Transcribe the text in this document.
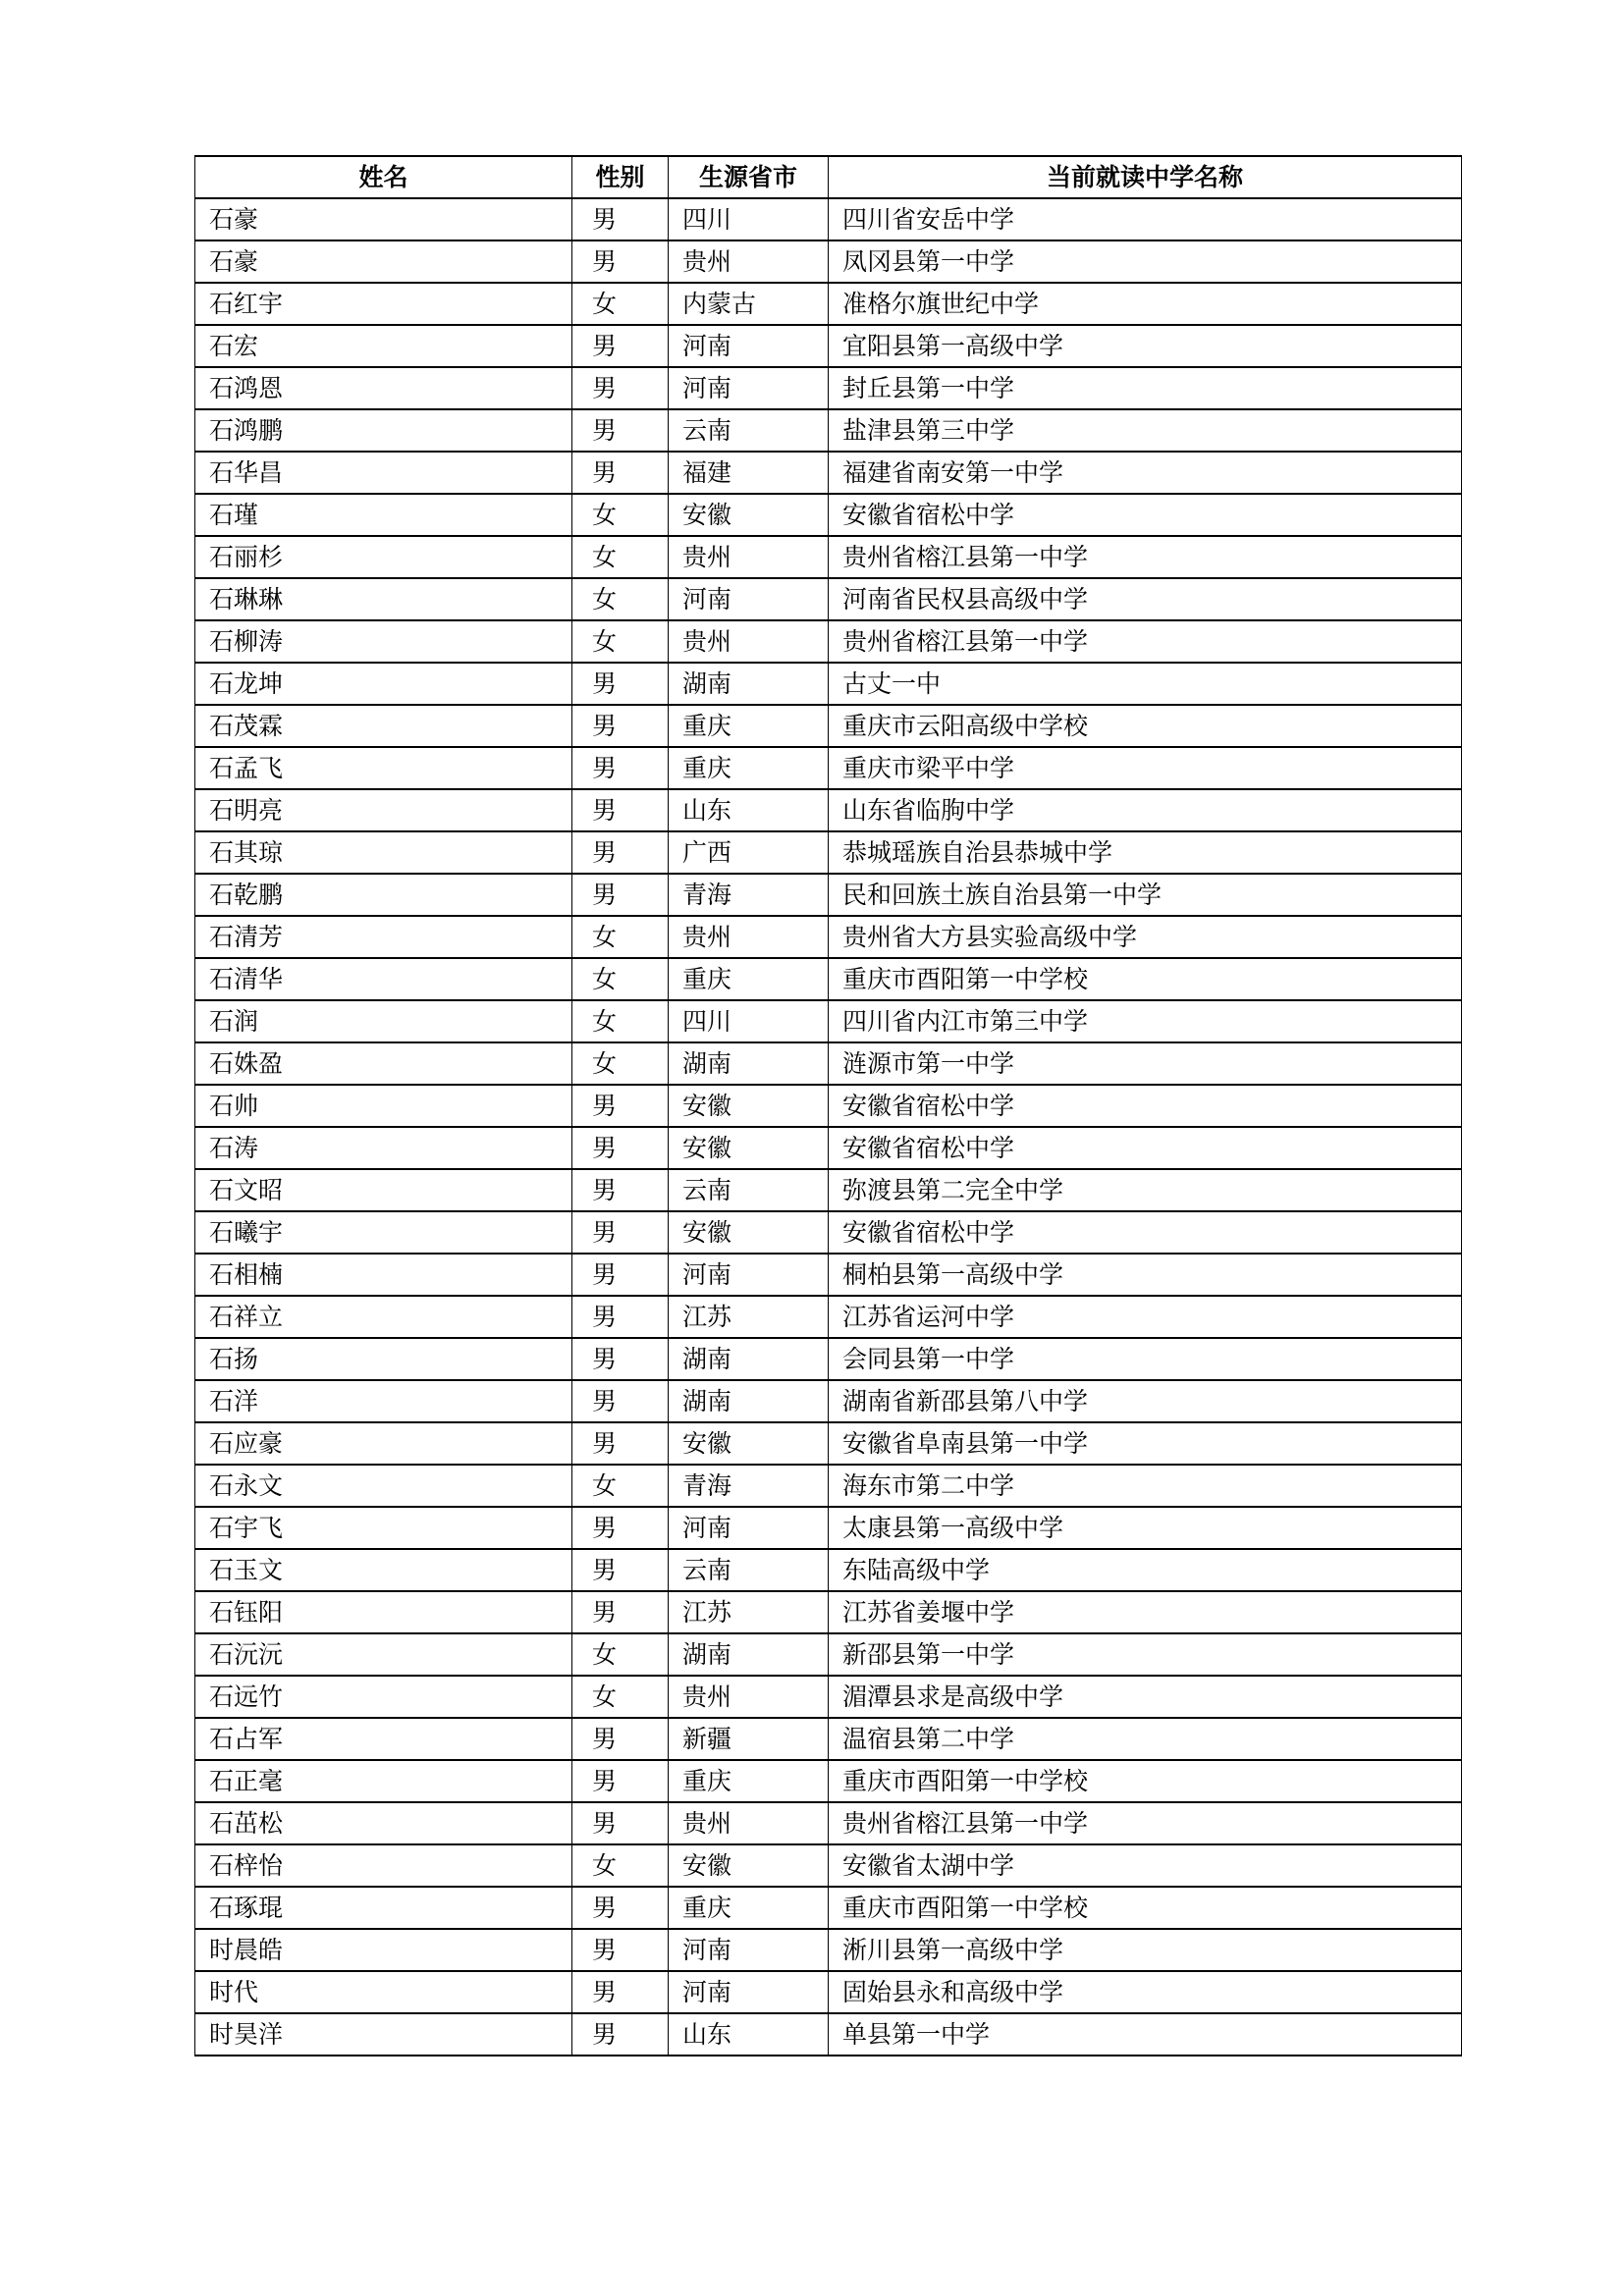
姓名	性别	生源省市	当前就读中学名称
石豪	男	四川	四川省安岳中学
石豪	男	贵州	凤冈县第一中学
石红宇	女	内蒙古	准格尔旗世纪中学
石宏	男	河南	宜阳县第一高级中学
石鸿恩	男	河南	封丘县第一中学
石鸿鹏	男	云南	盐津县第三中学
石华昌	男	福建	福建省南安第一中学
石瑾	女	安徽	安徽省宿松中学
石丽杉	女	贵州	贵州省榕江县第一中学
石琳琳	女	河南	河南省民权县高级中学
石柳涛	女	贵州	贵州省榕江县第一中学
石龙坤	男	湖南	古丈一中
石茂霖	男	重庆	重庆市云阳高级中学校
石孟飞	男	重庆	重庆市梁平中学
石明亮	男	山东	山东省临朐中学
石其琼	男	广西	恭城瑶族自治县恭城中学
石乾鹏	男	青海	民和回族土族自治县第一中学
石清芳	女	贵州	贵州省大方县实验高级中学
石清华	女	重庆	重庆市酉阳第一中学校
石润	女	四川	四川省内江市第三中学
石姝盈	女	湖南	涟源市第一中学
石帅	男	安徽	安徽省宿松中学
石涛	男	安徽	安徽省宿松中学
石文昭	男	云南	弥渡县第二完全中学
石曦宇	男	安徽	安徽省宿松中学
石相楠	男	河南	桐柏县第一高级中学
石祥立	男	江苏	江苏省运河中学
石扬	男	湖南	会同县第一中学
石洋	男	湖南	湖南省新邵县第八中学
石应豪	男	安徽	安徽省阜南县第一中学
石永文	女	青海	海东市第二中学
石宇飞	男	河南	太康县第一高级中学
石玉文	男	云南	东陆高级中学
石钰阳	男	江苏	江苏省姜堰中学
石沅沅	女	湖南	新邵县第一中学
石远竹	女	贵州	湄潭县求是高级中学
石占军	男	新疆	温宿县第二中学
石正毫	男	重庆	重庆市酉阳第一中学校
石茁松	男	贵州	贵州省榕江县第一中学
石梓怡	女	安徽	安徽省太湖中学
石琢琨	男	重庆	重庆市酉阳第一中学校
时晨皓	男	河南	淅川县第一高级中学
时代	男	河南	固始县永和高级中学
时昊洋	男	山东	单县第一中学
